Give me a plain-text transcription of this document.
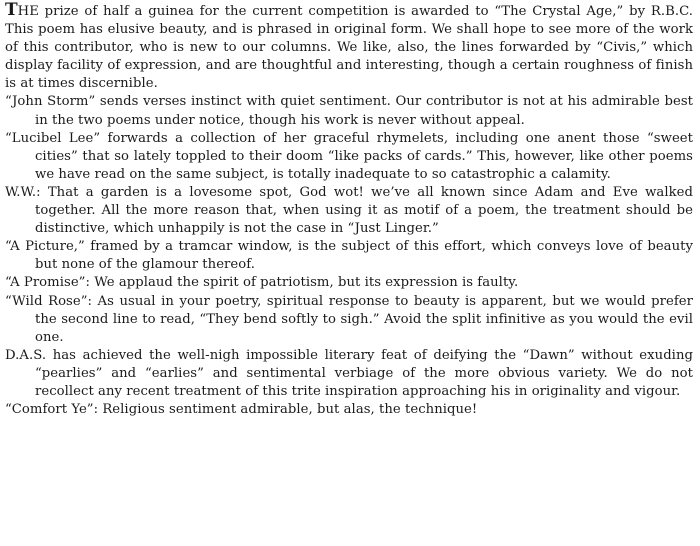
THE prize of half a guinea for the current competition is awarded to “The Crystal Age,” by R.B.C. This poem has elusive beauty, and is phrased in original form. We shall hope to see more of the work of this contributor, who is new to our columns. We like, also, the lines forwarded by “Civis,” which display facility of expression, and are thoughtful and interesting, though a certain roughness of finish is at times discernible.

“John Storm” sends verses instinct with quiet sentiment. Our contributor is not at his admirable best in the two poems under notice, though his work is never without appeal.

“Lucibel Lee” forwards a collection of her graceful rhymelets, including one anent those “sweet cities” that so lately toppled to their doom “like packs of cards.” This, however, like other poems we have read on the same subject, is totally inadequate to so catastrophic a calamity.

W.W.: That a garden is a lovesome spot, God wot! we’ve all known since Adam and Eve walked together. All the more reason that, when using it as motif of a poem, the treatment should be distinctive, which unhappily is not the case in “Just Linger.”

“A Picture,” framed by a tramcar window, is the subject of this effort, which conveys love of beauty but none of the glamour thereof.

“A Promise”: We applaud the spirit of patriotism, but its expression is faulty.

“Wild Rose”: As usual in your poetry, spiritual response to beauty is apparent, but we would prefer the second line to read, “They bend softly to sigh.” Avoid the split infinitive as you would the evil one.

D.A.S. has achieved the well-nigh impossible literary feat of deifying the “Dawn” without exuding “pearlies” and “earlies” and sentimental verbiage of the more obvious variety. We do not recollect any recent treatment of this trite inspiration approaching his in originality and vigour.

“Comfort Ye”: Religious sentiment admirable, but alas, the technique!
